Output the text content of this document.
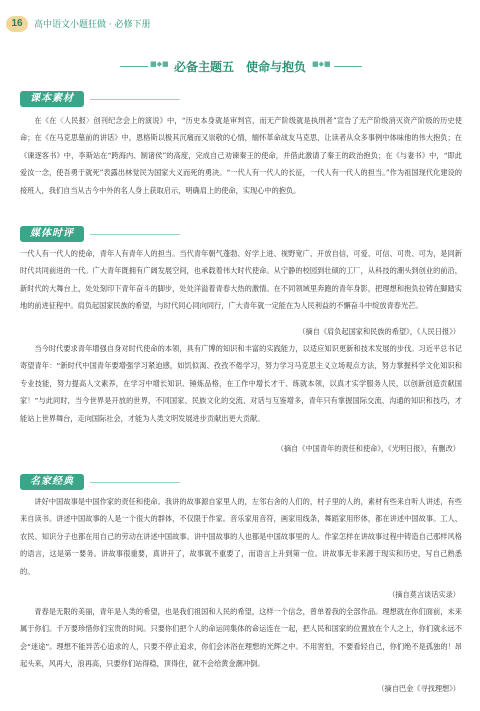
16	高中语文小题狂做 · 必修下册
■◆■ 必备主题五　使命与抱负 ■◆■
课本素材

在《在〈人民报〉创刊纪念会上的演说》中，“历史本身就是审判官，而无产阶级就是执刑者”宣告了无产阶级消灭资产阶级的历史使命；在《在马克思墓前的讲话》中，恩格斯以极其沉痛而又崇敬的心情，缅怀革命战友马克思，让读者从众多事例中体味他的伟大抱负；在《谏逐客书》中，李斯站在“跨海内、制诸侯”的高度，完成自己劝谏秦王的使命，并借此激请了秦王的政治抱负；在《与妻书》中，“即此爱汝一念，使吾勇于就死”表露出林觉民为国家大义而死的勇决。“一代人有一代人的长征，一代人有一代人的担当。”作为祖国现代化建设的接班人，我们自当从古今中外的名人身上获取启示，明确肩上的使命，实现心中的抱负。

媒体时评

一代人有一代人的使命，青年人有青年人的担当。当代青年朝气蓬勃、好学上进、视野宽广、开放自信，可爱、可信、可贵、可为，是同新时代共同前进的一代。广大青年既拥有广阔发展空间，也承载着伟大时代使命。从宁静的校园到壮硕的工厂，从科技的潮头到创业的前沿，新时代的大舞台上，处处刻印下青年奋斗的脚步，处处洋溢着青春大热的激情。在不同领域里奔跑的青年身影，把理想和抱负拉铸在脚踏实地的前进征程中。肩负起国家民族的希望，与时代同心同向同行，广大青年就一定能在为人民利益的不懈奋斗中绽放青春光芒。

（摘自《肩负起国家和民族的希望》，《人民日报》）

当今时代要求青年增强自身对时代使命的本领，具有广博的知识和丰富的实践能力，以适应知识更新和技术发展的步伐。习近平总书记寄望青年：“新时代中国青年要增强学习紧迫感，如饥似渴、孜孜不倦学习，努力学习马克思主义立场观点方法，努力掌握科学文化知识和专业技能，努力提高人文素养，在学习中增长知识、锤炼品格，在工作中增长才干、练就本领，以真才实学服务人民，以创新创造贡献国家！”与此同时，当今世界是开放的世界，不同国家、民族文化的交流、对话与互鉴增多，青年只有掌握国际交流、沟通的知识和技巧，才能站上世界舞台，走向国际社会，才能为人类文明发展进步贡献出更大贡献。

（摘自《中国青年的责任和使命》，《光明日报》，有删改）
名家经典

讲好中国故事是中国作家的责任和使命。我讲的故事源自家里人的，左邻右舍的人们的，村子里的人的，素材有些来自听人讲述，有些来自读书。讲述中国故事的人是一个很大的群体，不仅限于作家。音乐家用音符，画家用线条，舞蹈家用形体，都在讲述中国故事。工人、农民、知识分子也都在用自己的劳动在讲述中国故事。讲中国故事的人也都是中国故事里的人。作家怎样在讲故事过程中铸造自己那样风格的语言，这是第一要务。讲故事很重要，真讲开了，故事就不重要了，而语言上升到第一位。讲故事无非来源于现实和历史，写自己熟悉的。

（摘自莫言谈话实录）

青春是无限的美丽，青年是人类的希望，也是我们祖国和人民的希望，这样一个信念，曾单着我的全部作品。理想就在你们面前，未来属于你们。千万要珍惜你们宝贵的时间。只要你们把个人的命运同集体的命运连在一起，把人民和国家的位置放在个人之上，你们就永远不会“迷途”。理想不能异苦心追求的人，只要不停止追求，你们会沐浴在理想的光辉之中。不用害怕，不要看轻自己，你们绝不是孤独的！昂起头来，风再大，浪再高，只要你们站得稳，顶得住，就不会给黄金潮冲倒。

（摘自巴金《寻找理想》）
